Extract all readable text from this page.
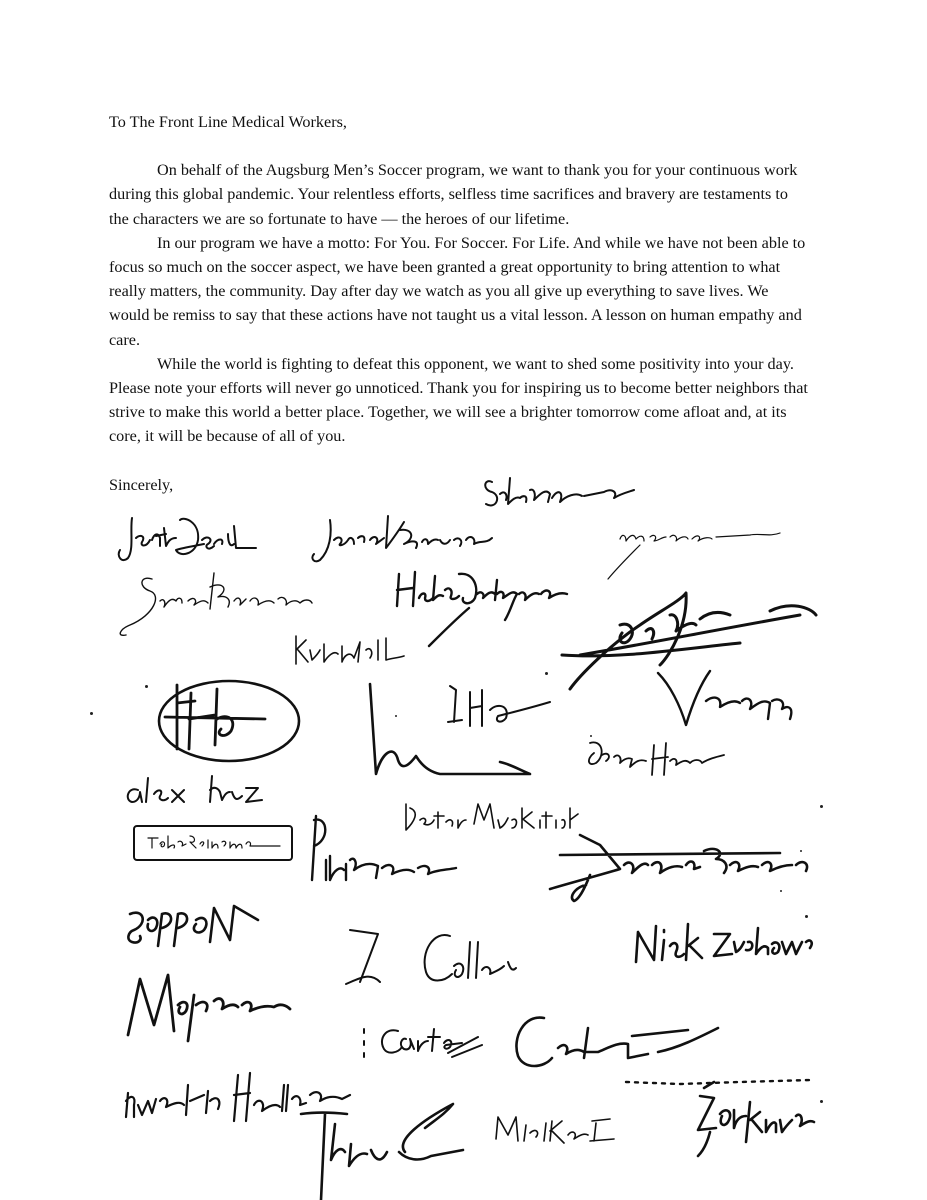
To The Front Line Medical Workers,

On behalf of the Augsburg Men’s Soccer program, we want to thank you for your continuous work during this global pandemic. Your relentless efforts, selfless time sacrifices and bravery are testaments to the characters we are so fortunate to have — the heroes of our lifetime.

In our program we have a motto: For You. For Soccer. For Life. And while we have not been able to focus so much on the soccer aspect, we have been granted a great opportunity to bring attention to what really matters, the community. Day after day we watch as you all give up everything to save lives. We would be remiss to say that these actions have not taught us a vital lesson. A lesson on human empathy and care.

While the world is fighting to defeat this opponent, we want to shed some positivity into your day. Please note your efforts will never go unnoticed. Thank you for inspiring us to become better neighbors that strive to make this world a better place. Together, we will see a brighter tomorrow come afloat and, at its core, it will be because of all of you.

Sincerely,
